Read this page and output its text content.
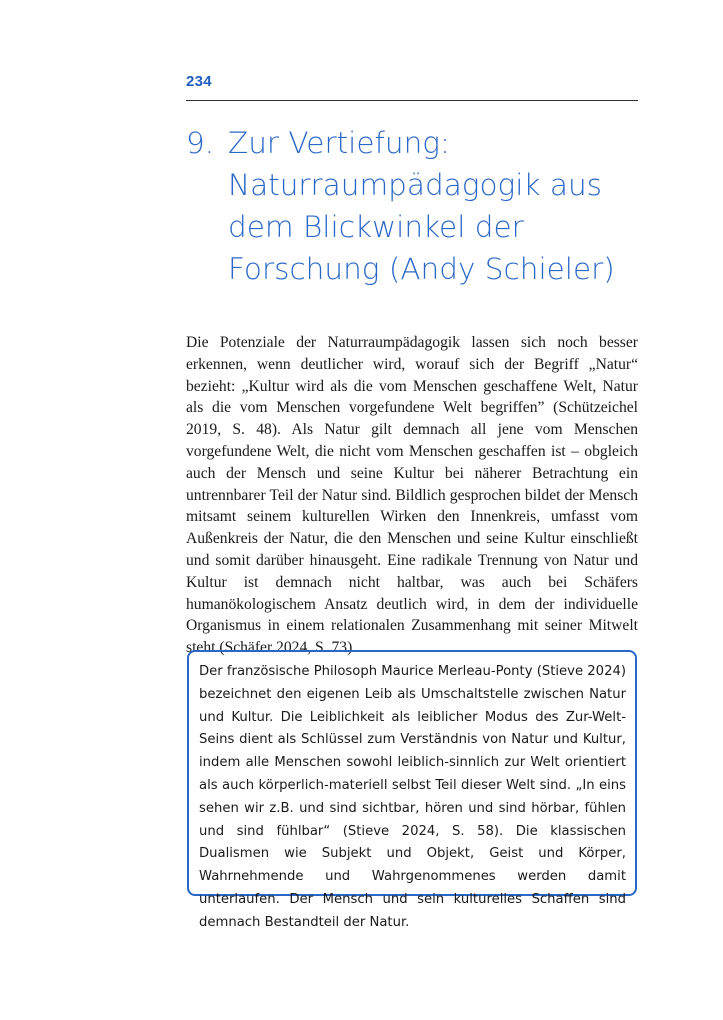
234
9. Zur Vertiefung: Naturraumpädagogik aus dem Blickwinkel der Forschung (Andy Schieler)

Die Potenziale der Naturraumpädagogik lassen sich noch besser erkennen, wenn deutlicher wird, worauf sich der Begriff „Natur“ bezieht: „Kultur wird als die vom Menschen geschaffene Welt, Natur als die vom Menschen vorgefundene Welt begriffen” (Schützeichel 2019, S. 48). Als Natur gilt demnach all jene vom Menschen vorgefundene Welt, die nicht vom Menschen geschaffen ist – obgleich auch der Mensch und seine Kultur bei näherer Betrachtung ein untrennbarer Teil der Natur sind. Bildlich gesprochen bildet der Mensch mitsamt seinem kulturellen Wirken den Innenkreis, umfasst vom Außenkreis der Natur, die den Menschen und seine Kultur einschließt und somit darüber hinausgeht. Eine radikale Trennung von Natur und Kultur ist demnach nicht haltbar, was auch bei Schäfers humanökologischem Ansatz deutlich wird, in dem der individuelle Organismus in einem relationalen Zusammenhang mit seiner Mitwelt steht (Schäfer 2024, S. 73).

Der französische Philosoph Maurice Merleau-Ponty (Stieve 2024) bezeichnet den eigenen Leib als Umschaltstelle zwischen Natur und Kultur. Die Leiblichkeit als leiblicher Modus des Zur-Welt-Seins dient als Schlüssel zum Verständnis von Natur und Kultur, indem alle Menschen sowohl leiblich-sinnlich zur Welt orientiert als auch körperlich-materiell selbst Teil dieser Welt sind. „In eins sehen wir z.B. und sind sichtbar, hören und sind hörbar, fühlen und sind fühlbar“ (Stieve 2024, S. 58). Die klassischen Dualismen wie Subjekt und Objekt, Geist und Körper, Wahrnehmende und Wahrgenommenes werden damit unterlaufen. Der Mensch und sein kulturelles Schaffen sind demnach Bestandteil der Natur.
